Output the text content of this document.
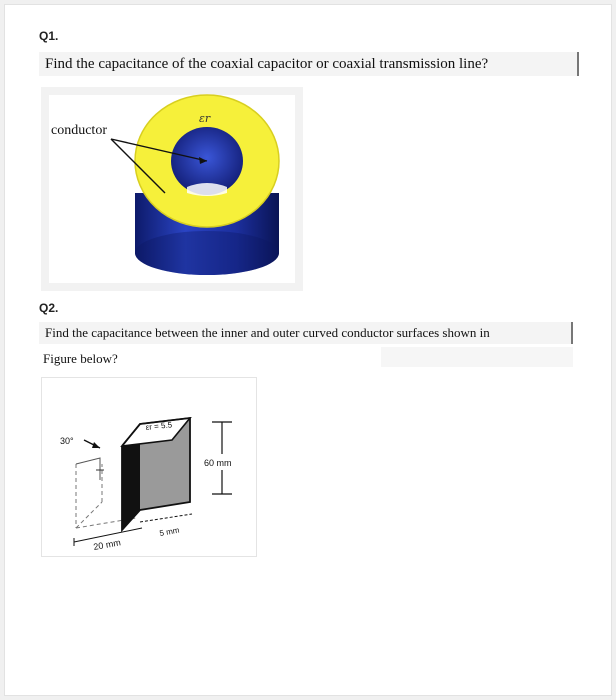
Q1.
Find the capacitance of the coaxial capacitor or coaxial transmission line?
εr
conductor
Q2.
Find the capacitance between the inner and outer curved conductor surfaces shown in
Figure below?
30°
εr = 5.5
60 mm
5 mm
20 mm
